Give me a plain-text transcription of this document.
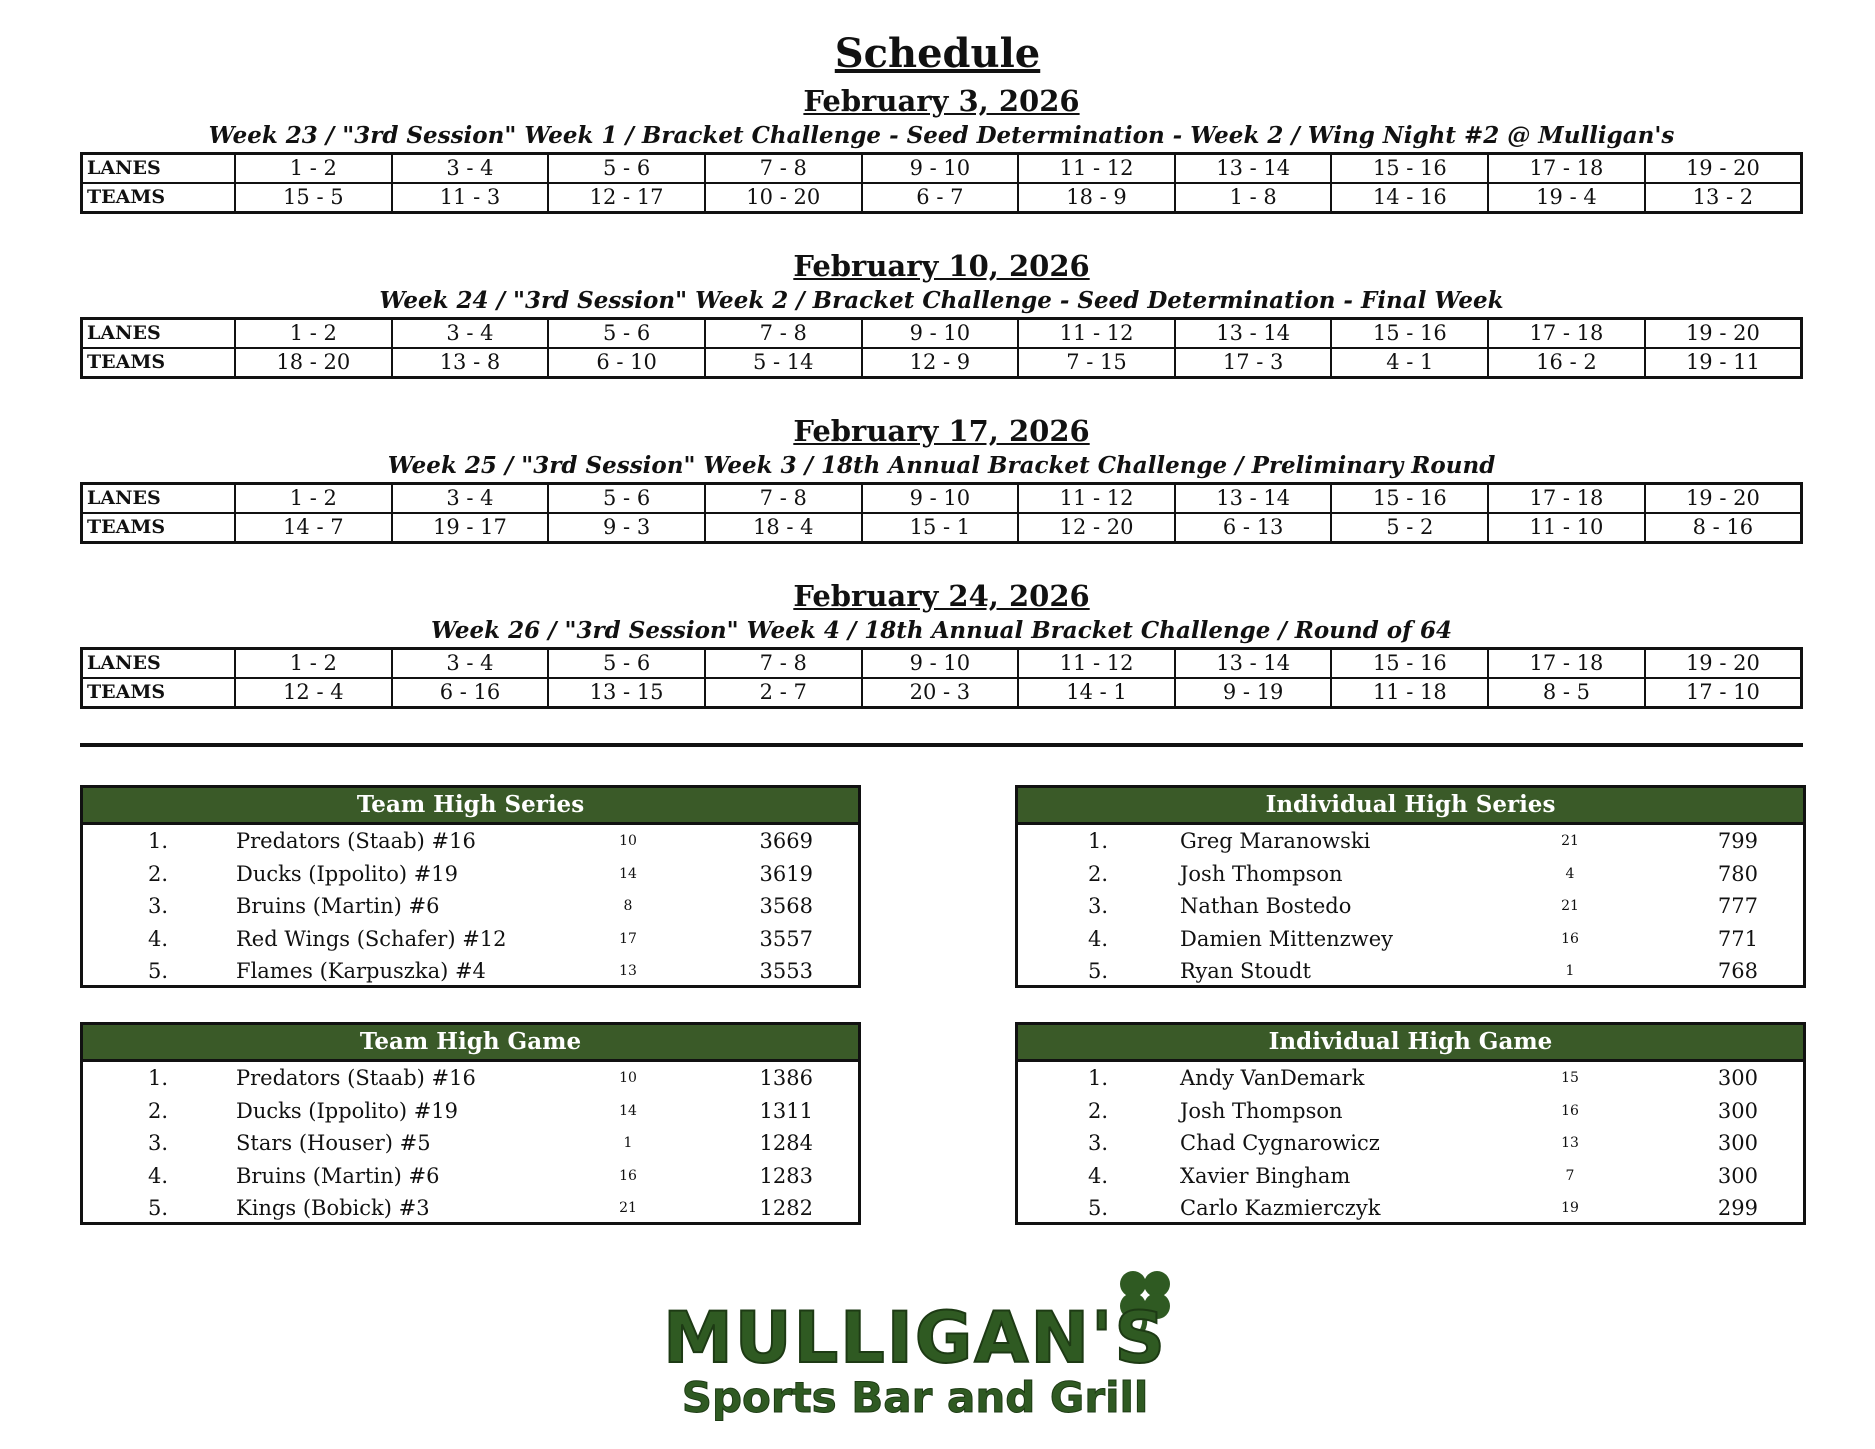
Schedule
February 3, 2026
Week 23 / "3rd Session" Week 1 / Bracket Challenge - Seed Determination - Week 2 / Wing Night #2 @ Mulligan's
LANES	1 - 2	3 - 4	5 - 6	7 - 8	9 - 10	11 - 12	13 - 14	15 - 16	17 - 18	19 - 20
TEAMS	15 - 5	11 - 3	12 - 17	10 - 20	6 - 7	18 - 9	1 - 8	14 - 16	19 - 4	13 - 2
February 10, 2026
Week 24 / "3rd Session" Week 2 / Bracket Challenge - Seed Determination - Final Week
LANES	1 - 2	3 - 4	5 - 6	7 - 8	9 - 10	11 - 12	13 - 14	15 - 16	17 - 18	19 - 20
TEAMS	18 - 20	13 - 8	6 - 10	5 - 14	12 - 9	7 - 15	17 - 3	4 - 1	16 - 2	19 - 11
February 17, 2026
Week 25 / "3rd Session" Week 3 / 18th Annual Bracket Challenge / Preliminary Round
LANES	1 - 2	3 - 4	5 - 6	7 - 8	9 - 10	11 - 12	13 - 14	15 - 16	17 - 18	19 - 20
TEAMS	14 - 7	19 - 17	9 - 3	18 - 4	15 - 1	12 - 20	6 - 13	5 - 2	11 - 10	8 - 16
February 24, 2026
Week 26 / "3rd Session" Week 4 / 18th Annual Bracket Challenge / Round of 64
LANES	1 - 2	3 - 4	5 - 6	7 - 8	9 - 10	11 - 12	13 - 14	15 - 16	17 - 18	19 - 20
TEAMS	12 - 4	6 - 16	13 - 15	2 - 7	20 - 3	14 - 1	9 - 19	11 - 18	8 - 5	17 - 10
Team High Series
1.	Predators (Staab) #16	10	3669
2.	Ducks (Ippolito) #19	14	3619
3.	Bruins (Martin) #6	8	3568
4.	Red Wings (Schafer) #12	17	3557
5.	Flames (Karpuszka) #4	13	3553
Individual High Series
1.	Greg Maranowski	21	799
2.	Josh Thompson	4	780
3.	Nathan Bostedo	21	777
4.	Damien Mittenzwey	16	771
5.	Ryan Stoudt	1	768
Team High Game
1.	Predators (Staab) #16	10	1386
2.	Ducks (Ippolito) #19	14	1311
3.	Stars (Houser) #5	1	1284
4.	Bruins (Martin) #6	16	1283
5.	Kings (Bobick) #3	21	1282
Individual High Game
1.	Andy VanDemark	15	300
2.	Josh Thompson	16	300
3.	Chad Cygnarowicz	13	300
4.	Xavier Bingham	7	300
5.	Carlo Kazmierczyk	19	299
MULLIGAN'S
Sports Bar and Grill
